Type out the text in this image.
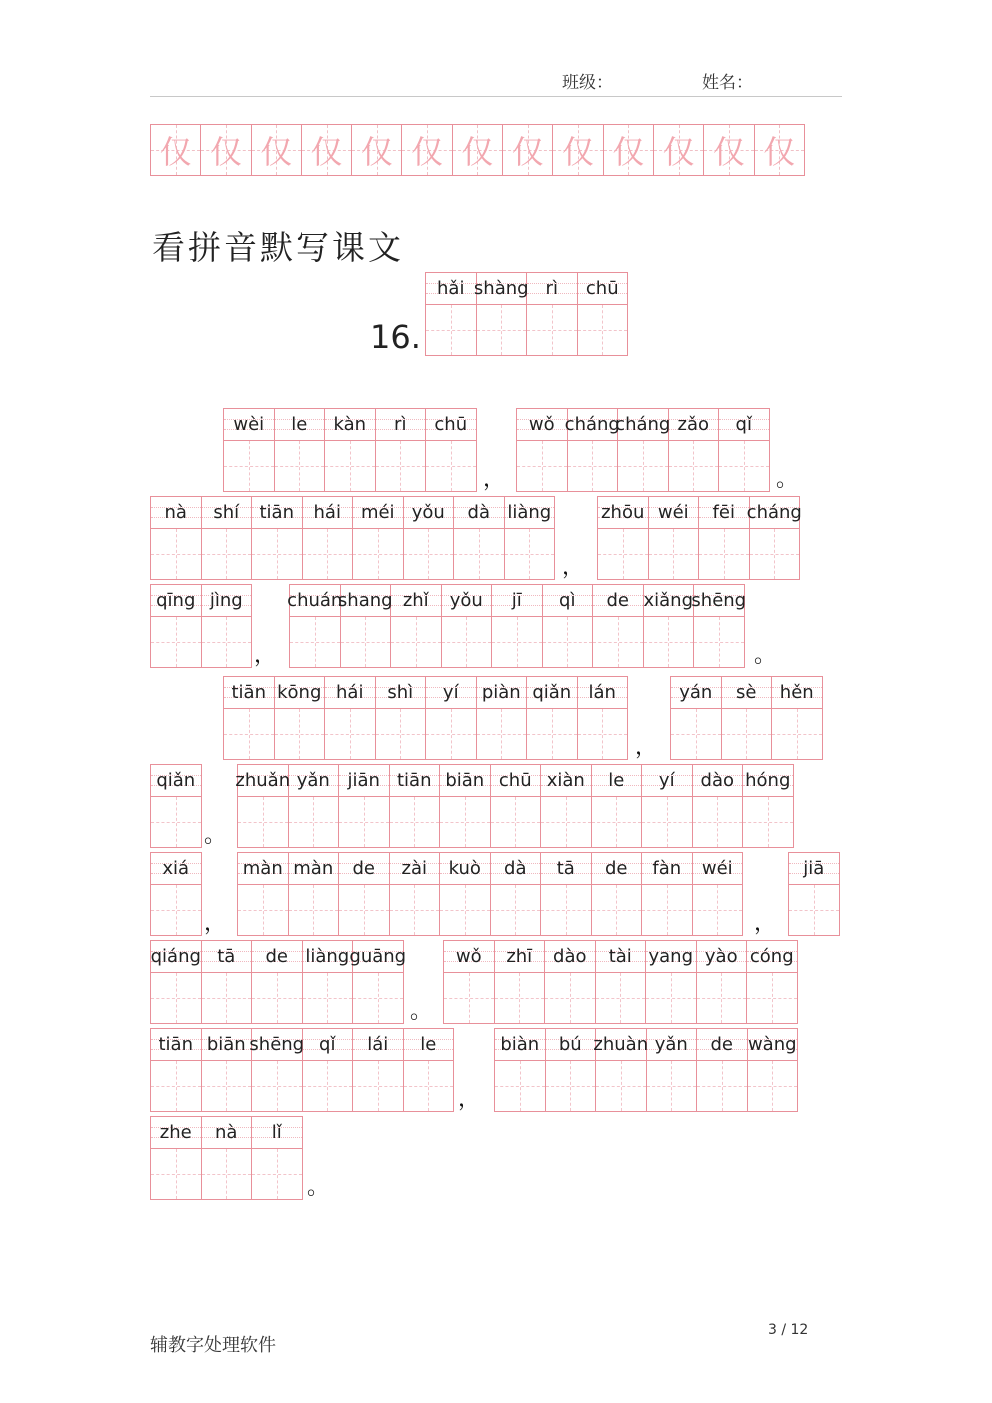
班级：	姓名：
仅 仅 仅 仅 仅 仅 仅 仅 仅 仅 仅 仅 仅
看拼音默写课文
16.
hǎi shàng rì chū
wèi le kàn rì chū
，
wǒ cháng
cháng zǎo qǐ
。
nà shí tiān hái méi yǒu dà liàng
，
zhōu wéi fēi cháng
qīng jìng
，
chuán
shang zhǐ yǒu jī qì de xiǎng
shēng
。
tiān kōng hái shì yí piàn qiǎn lán
，
yán sè hěn
qiǎn
。
zhuǎn yǎn jiān tiān biān chū xiàn le yí dào hóng
xiá
，
màn màn de zài kuò dà tā de fàn wéi
，
jiā
qiáng tā de liàng guāng
。
wǒ zhī dào tài yang yào cóng
tiān biān shēng qǐ lái le
，
biàn bú zhuàn yǎn de wàng
zhe nà lǐ
。
辅教字处理软件
3 / 12
